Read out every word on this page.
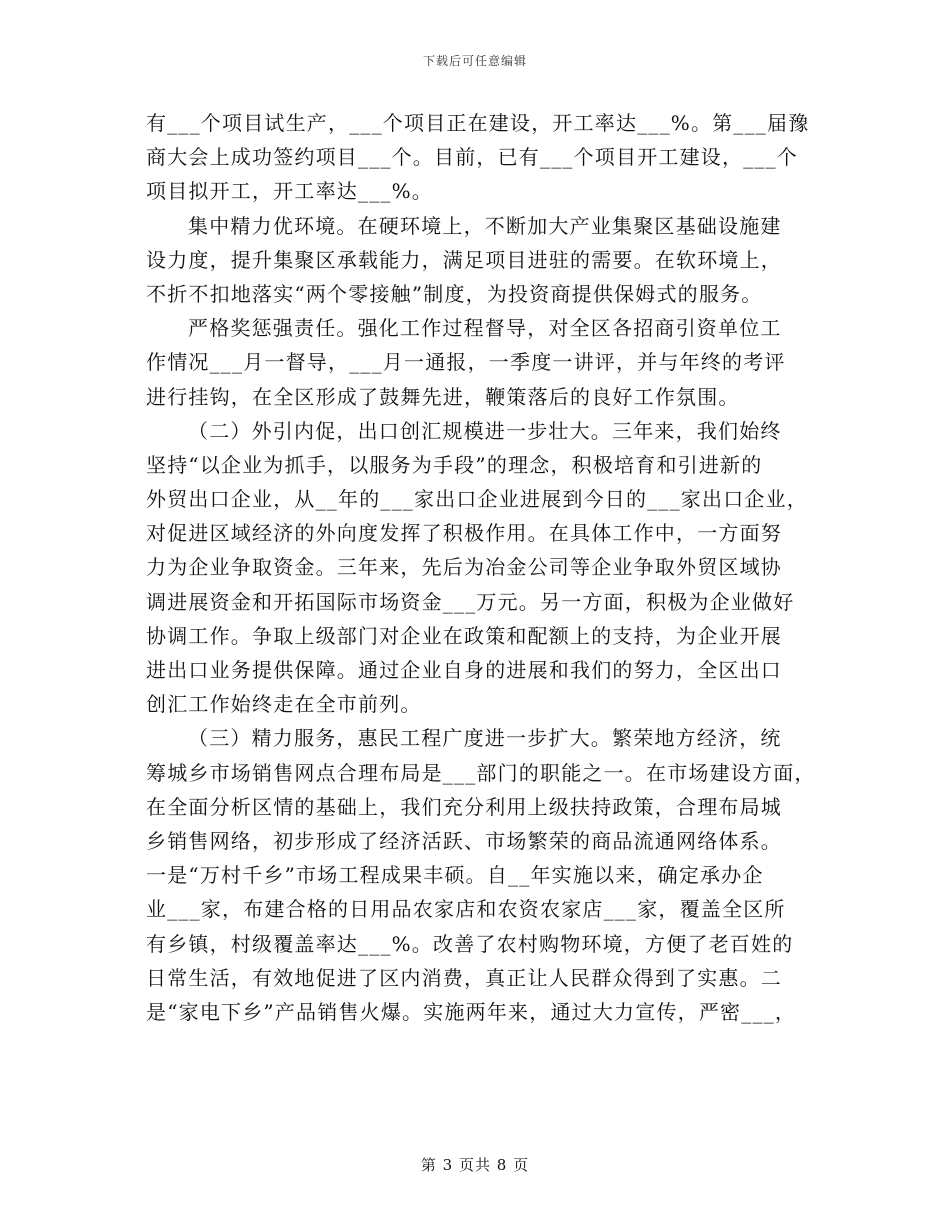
下载后可任意编辑
有___个项目试生产，___个项目正在建设，开工率达___%。第___届豫
商大会上成功签约项目___个。目前，已有___个项目开工建设，___个
项目拟开工，开工率达___%。
集中精力优环境。在硬环境上，不断加大产业集聚区基础设施建
设力度，提升集聚区承载能力，满足项目进驻的需要。在软环境上，
不折不扣地落实“两个零接触”制度，为投资商提供保姆式的服务。
严格奖惩强责任。强化工作过程督导，对全区各招商引资单位工
作情况___月一督导，___月一通报，一季度一讲评，并与年终的考评
进行挂钩，在全区形成了鼓舞先进，鞭策落后的良好工作氛围。
（二）外引内促，出口创汇规模进一步壮大。三年来，我们始终
坚持“以企业为抓手，以服务为手段”的理念，积极培育和引进新的
外贸出口企业，从__年的___家出口企业进展到今日的___家出口企业，
对促进区域经济的外向度发挥了积极作用。在具体工作中，一方面努
力为企业争取资金。三年来，先后为冶金公司等企业争取外贸区域协
调进展资金和开拓国际市场资金___万元。另一方面，积极为企业做好
协调工作。争取上级部门对企业在政策和配额上的支持，为企业开展
进出口业务提供保障。通过企业自身的进展和我们的努力，全区出口
创汇工作始终走在全市前列。
（三）精力服务，惠民工程广度进一步扩大。繁荣地方经济，统
筹城乡市场销售网点合理布局是___部门的职能之一。在市场建设方面，
在全面分析区情的基础上，我们充分利用上级扶持政策，合理布局城
乡销售网络，初步形成了经济活跃、市场繁荣的商品流通网络体系。
一是“万村千乡”市场工程成果丰硕。自__年实施以来，确定承办企
业___家，布建合格的日用品农家店和农资农家店___家，覆盖全区所
有乡镇，村级覆盖率达___%。改善了农村购物环境，方便了老百姓的
日常生活，有效地促进了区内消费，真正让人民群众得到了实惠。二
是“家电下乡”产品销售火爆。实施两年来，通过大力宣传，严密___，
第 3 页共 8 页
